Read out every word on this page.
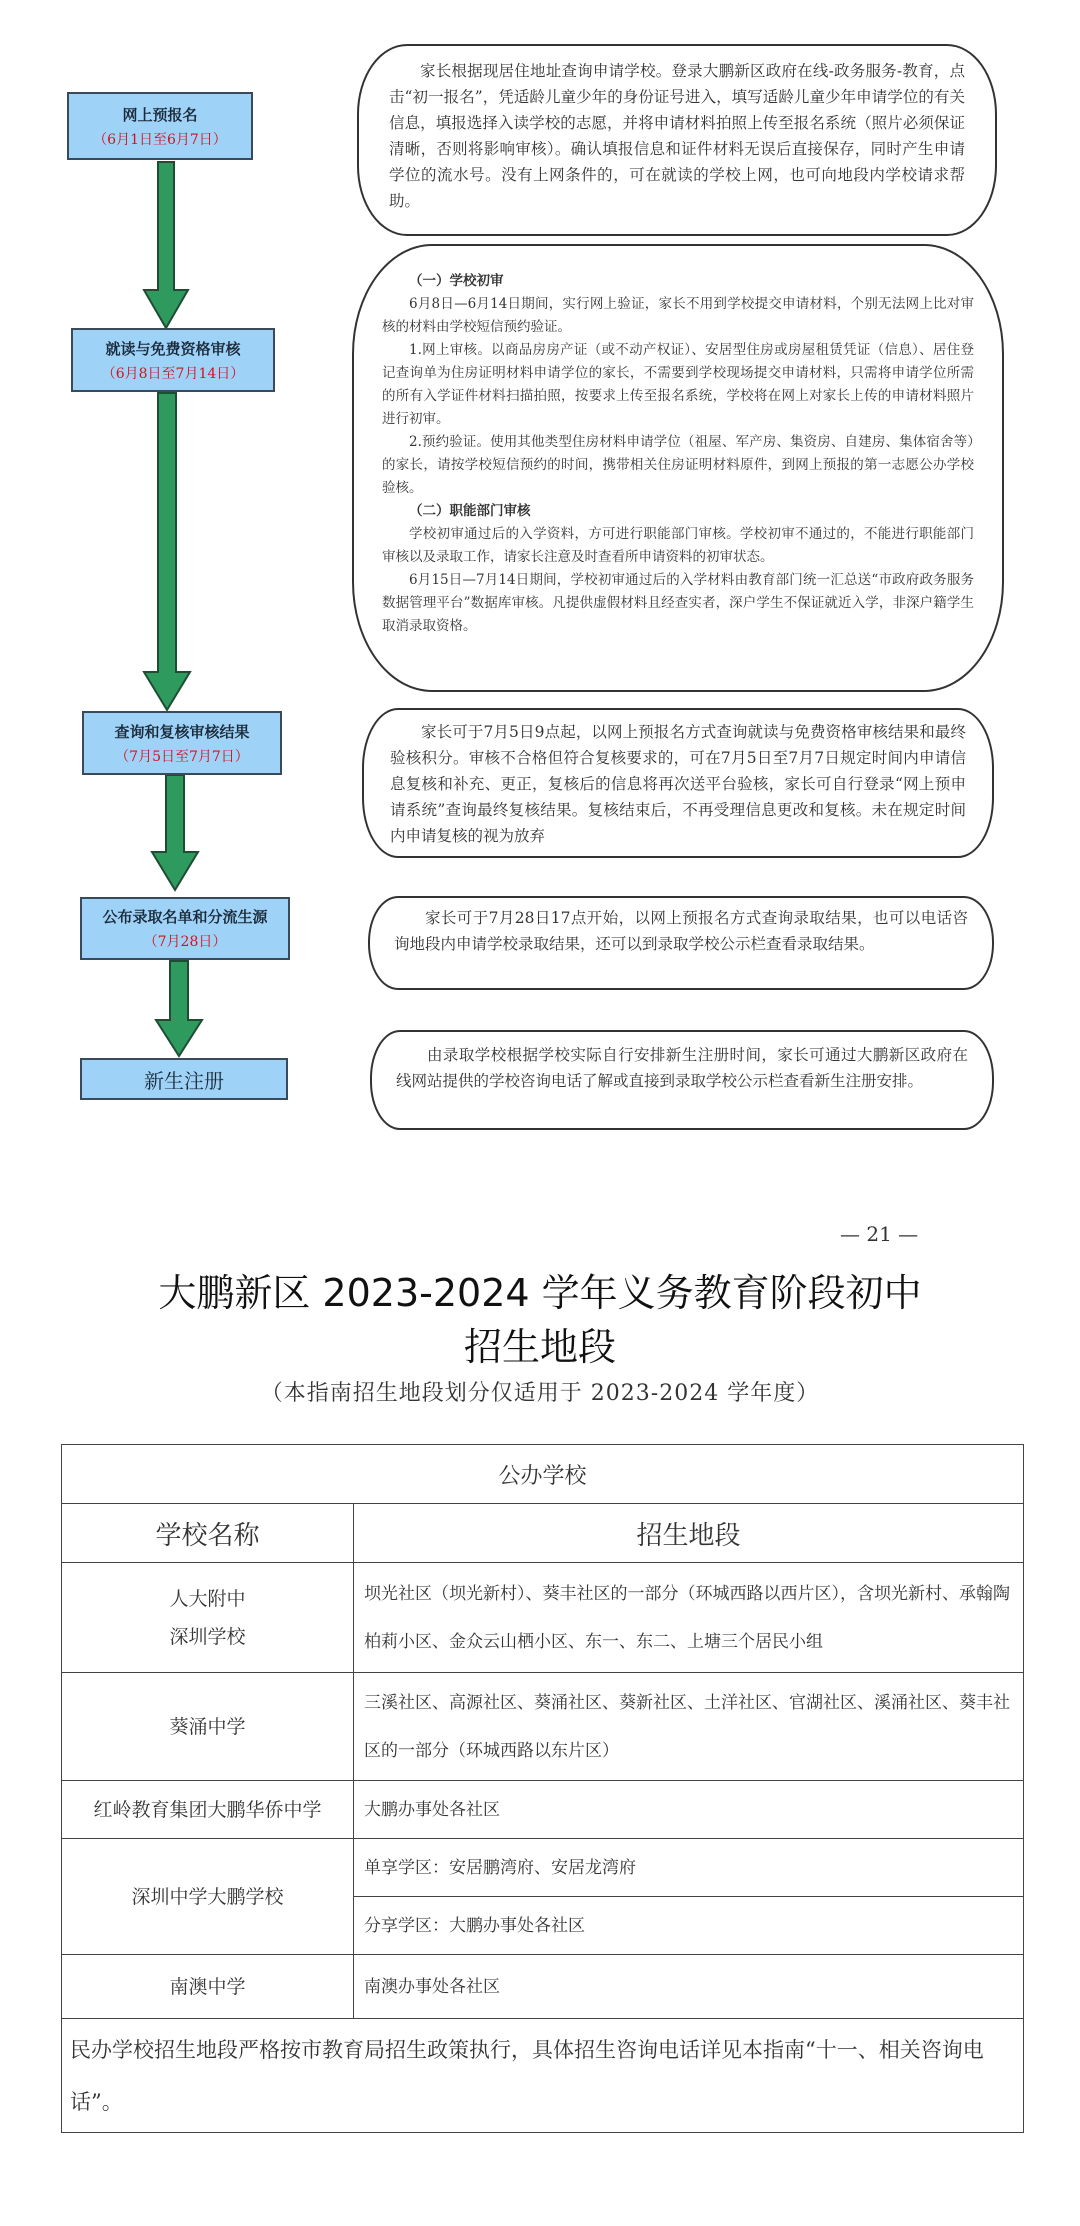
网上预报名
（6月1日至6月7日）
就读与免费资格审核
（6月8日至7月14日）
查询和复核审核结果
（7月5日至7月7日）
公布录取名单和分流生源
（7月28日）
新生注册

家长根据现居住地址查询申请学校。登录大鹏新区政府在线-政务服务-教育，点击“初一报名”，凭适龄儿童少年的身份证号进入，填写适龄儿童少年申请学位的有关信息，填报选择入读学校的志愿，并将申请材料拍照上传至报名系统（照片必须保证清晰，否则将影响审核）。确认填报信息和证件材料无误后直接保存，同时产生申请学位的流水号。没有上网条件的，可在就读的学校上网，也可向地段内学校请求帮助。

（一）学校初审

6月8日—6月14日期间，实行网上验证，家长不用到学校提交申请材料，个别无法网上比对审核的材料由学校短信预约验证。

1.网上审核。以商品房房产证（或不动产权证）、安居型住房或房屋租赁凭证（信息）、居住登记查询单为住房证明材料申请学位的家长，不需要到学校现场提交申请材料，只需将申请学位所需的所有入学证件材料扫描拍照，按要求上传至报名系统，学校将在网上对家长上传的申请材料照片进行初审。

2.预约验证。使用其他类型住房材料申请学位（祖屋、军产房、集资房、自建房、集体宿舍等）的家长，请按学校短信预约的时间，携带相关住房证明材料原件，到网上预报的第一志愿公办学校验核。

（二）职能部门审核

学校初审通过后的入学资料，方可进行职能部门审核。学校初审不通过的，不能进行职能部门审核以及录取工作，请家长注意及时查看所申请资料的初审状态。

6月15日—7月14日期间，学校初审通过后的入学材料由教育部门统一汇总送“市政府政务服务数据管理平台”数据库审核。凡提供虚假材料且经查实者，深户学生不保证就近入学，非深户籍学生取消录取资格。

家长可于7月5日9点起，以网上预报名方式查询就读与免费资格审核结果和最终验核积分。审核不合格但符合复核要求的，可在7月5日至7月7日规定时间内申请信息复核和补充、更正，复核后的信息将再次送平台验核，家长可自行登录“网上预申请系统”查询最终复核结果。复核结束后，不再受理信息更改和复核。未在规定时间内申请复核的视为放弃

家长可于7月28日17点开始，以网上预报名方式查询录取结果，也可以电话咨询地段内申请学校录取结果，还可以到录取学校公示栏查看录取结果。

由录取学校根据学校实际自行安排新生注册时间，家长可通过大鹏新区政府在线网站提供的学校咨询电话了解或直接到录取学校公示栏查看新生注册安排。

— 21 —
大鹏新区 2023-2024 学年义务教育阶段初中
招生地段
（本指南招生地段划分仅适用于 2023-2024 学年度）
公办学校	
学校名称	招生地段

人大附中
深圳学校	坝光社区（坝光新村）、葵丰社区的一部分（环城西路以西片区），含坝光新村、承翰陶柏莉小区、金众云山栖小区、东一、东二、上塘三个居民小组
葵涌中学	三溪社区、高源社区、葵涌社区、葵新社区、土洋社区、官湖社区、溪涌社区、葵丰社区的一部分（环城西路以东片区）
红岭教育集团大鹏华侨中学	大鹏办事处各社区
深圳中学大鹏学校	单享学区：安居鹏湾府、安居龙湾府
	分享学区：大鹏办事处各社区
南澳中学	南澳办事处各社区
民办学校招生地段严格按市教育局招生政策执行，具体招生咨询电话详见本指南“十一、相关咨询电话”。	
